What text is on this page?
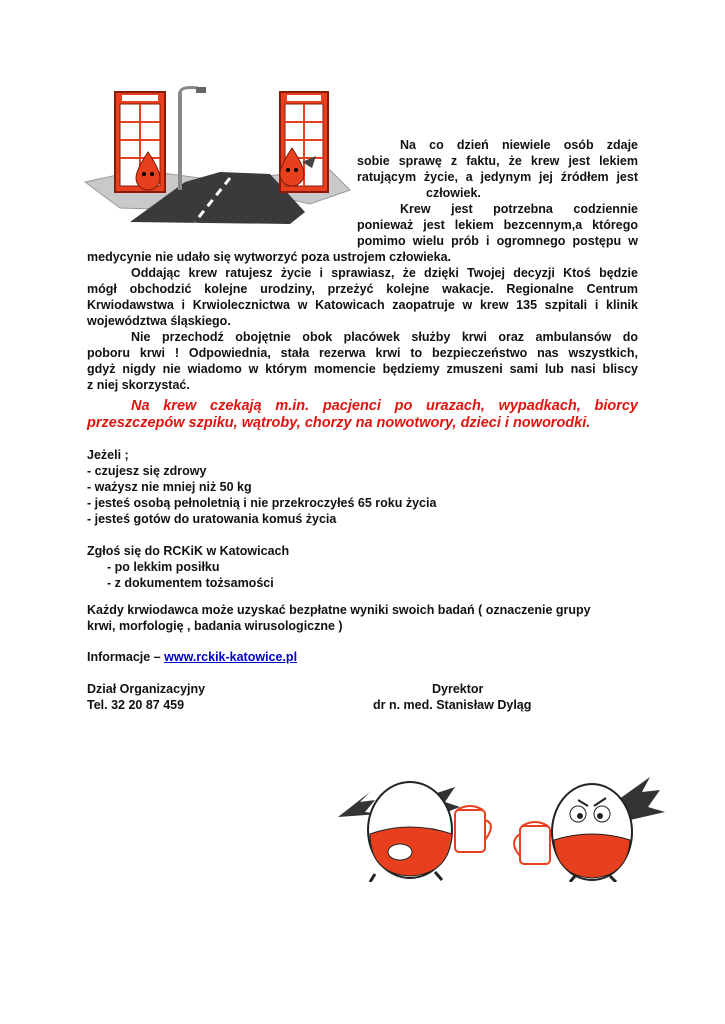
Na co dzień niewiele osób zdaje
sobie sprawę z faktu, że krew jest lekiem
ratującym życie, a jedynym jej źródłem jest
człowiek.
Krew jest potrzebna codziennie
ponieważ jest lekiem bezcennym,a którego
pomimo wielu prób i ogromnego postępu w
medycynie nie udało się wytworzyć poza ustrojem człowieka.
Oddając krew ratujesz życie i sprawiasz, że dzięki Twojej decyzji Ktoś będzie
mógł obchodzić kolejne urodziny, przeżyć kolejne wakacje. Regionalne Centrum
Krwiodawstwa i Krwiolecznictwa w Katowicach zaopatruje w krew 135 szpitali i klinik
województwa śląskiego.
Nie przechodź obojętnie obok placówek służby krwi oraz ambulansów do
poboru krwi ! Odpowiednia, stała rezerwa krwi to bezpieczeństwo nas wszystkich,
gdyż nigdy nie wiadomo w którym momencie będziemy zmuszeni sami lub nasi bliscy
z niej skorzystać.
Na krew czekają m.in. pacjenci po urazach, wypadkach, biorcy
przeszczepów szpiku, wątroby, chorzy na nowotwory, dzieci i noworodki.
Jeżeli ;
- czujesz się zdrowy
- ważysz nie mniej niż 50 kg
- jesteś osobą pełnoletnią i nie przekroczyłeś 65 roku życia
- jesteś gotów do uratowania komuś życia
Zgłoś się do RCKiK w Katowicach
- po lekkim posiłku
- z dokumentem tożsamości
Każdy krwiodawca może uzyskać bezpłatne wyniki swoich badań ( oznaczenie grupy
krwi, morfologię , badania wirusologiczne )
Informacje – www.rckik-katowice.pl
Dział Organizacyjny
Tel. 32 20 87 459
Dyrektor
dr n. med. Stanisław Dyląg
